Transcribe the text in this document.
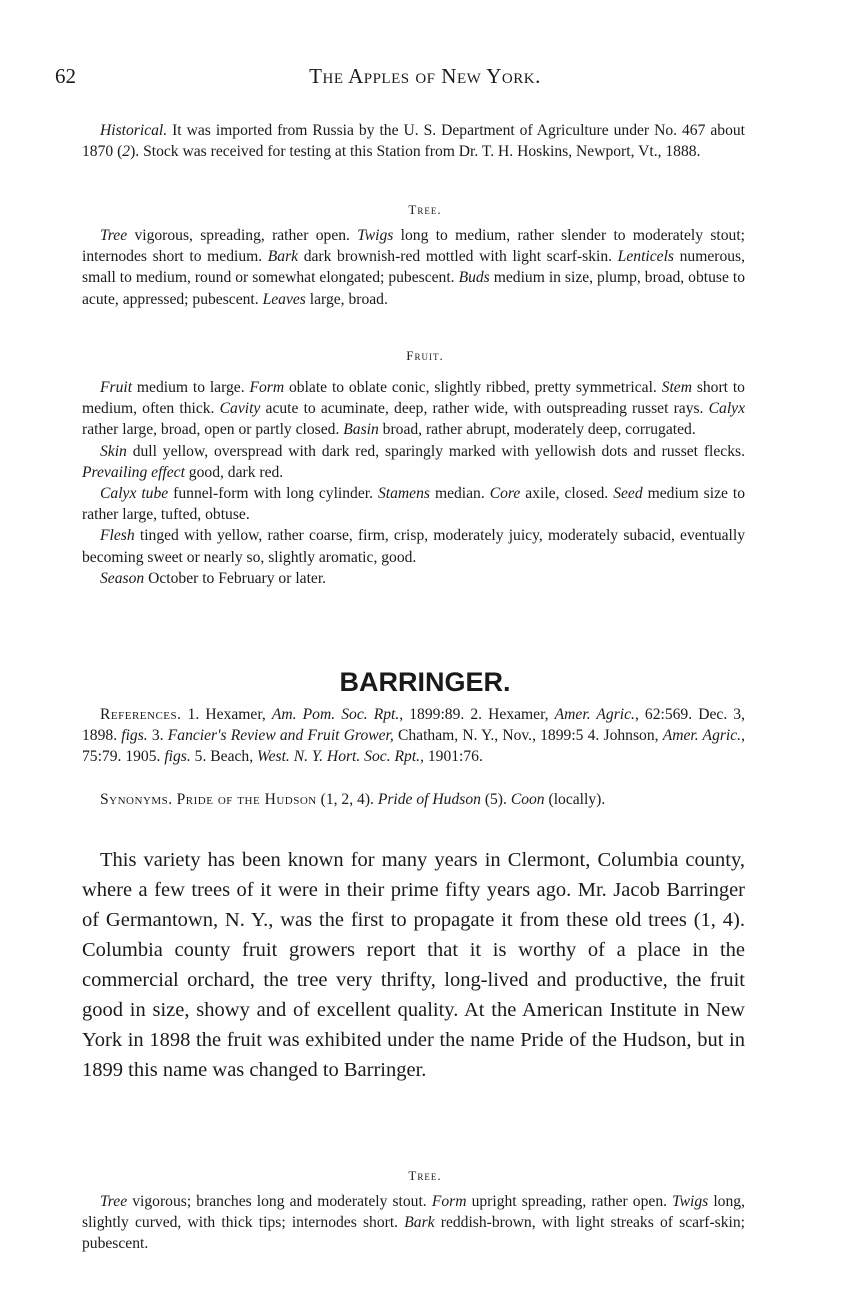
62	The Apples of New York.
Historical. It was imported from Russia by the U. S. Department of Agriculture under No. 467 about 1870 (2). Stock was received for testing at this Station from Dr. T. H. Hoskins, Newport, Vt., 1888.
Tree.
Tree vigorous, spreading, rather open. Twigs long to medium, rather slender to moderately stout; internodes short to medium. Bark dark brownish-red mottled with light scarf-skin. Lenticels numerous, small to medium, round or somewhat elongated; pubescent. Buds medium in size, plump, broad, obtuse to acute, appressed; pubescent. Leaves large, broad.
Fruit.

Fruit medium to large. Form oblate to oblate conic, slightly ribbed, pretty symmetrical. Stem short to medium, often thick. Cavity acute to acuminate, deep, rather wide, with outspreading russet rays. Calyx rather large, broad, open or partly closed. Basin broad, rather abrupt, moderately deep, corrugated.

Skin dull yellow, overspread with dark red, sparingly marked with yellowish dots and russet flecks. Prevailing effect good, dark red.

Calyx tube funnel-form with long cylinder. Stamens median. Core axile, closed. Seed medium size to rather large, tufted, obtuse.

Flesh tinged with yellow, rather coarse, firm, crisp, moderately juicy, moderately subacid, eventually becoming sweet or nearly so, slightly aromatic, good.

Season October to February or later.

BARRINGER.
References. 1. Hexamer, Am. Pom. Soc. Rpt., 1899:89. 2. Hexamer, Amer. Agric., 62:569. Dec. 3, 1898. figs. 3. Fancier's Review and Fruit Grower, Chatham, N. Y., Nov., 1899:5 4. Johnson, Amer. Agric., 75:79. 1905. figs. 5. Beach, West. N. Y. Hort. Soc. Rpt., 1901:76.
Synonyms. Pride of the Hudson (1, 2, 4). Pride of Hudson (5). Coon (locally).
This variety has been known for many years in Clermont, Columbia county, where a few trees of it were in their prime fifty years ago. Mr. Jacob Barringer of Germantown, N. Y., was the first to propagate it from these old trees (1, 4). Columbia county fruit growers report that it is worthy of a place in the commercial orchard, the tree very thrifty, long-lived and productive, the fruit good in size, showy and of excellent quality. At the American Institute in New York in 1898 the fruit was exhibited under the name Pride of the Hudson, but in 1899 this name was changed to Barringer.
Tree.
Tree vigorous; branches long and moderately stout. Form upright spreading, rather open. Twigs long, slightly curved, with thick tips; internodes short. Bark reddish-brown, with light streaks of scarf-skin; pubescent.
